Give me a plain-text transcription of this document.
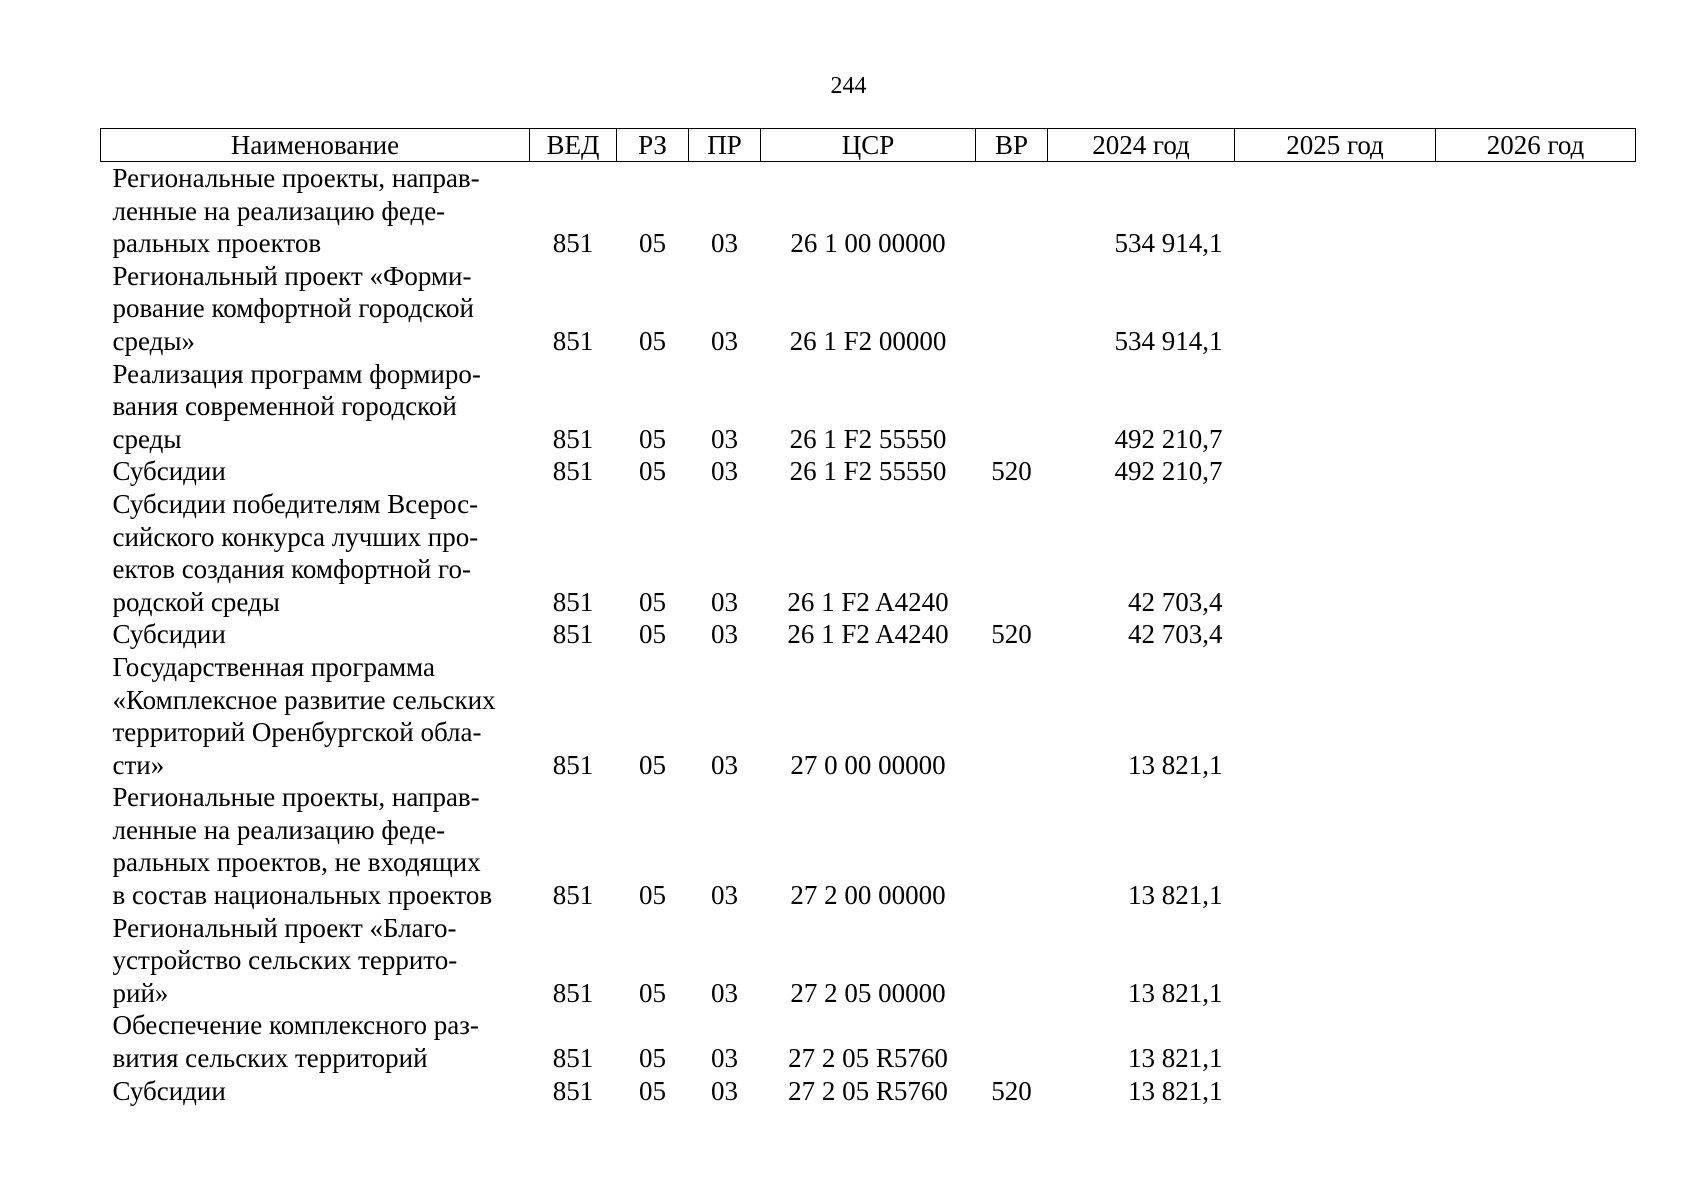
244
Наименование	ВЕД	РЗ	ПР	ЦСР	ВР	2024 год	2025 год	2026 год
Региональные проекты, направ-
ленные на реализацию феде-
ральных проектов	851	05	03	26 1 00 00000		534 914,1		
Региональный проект «Форми-
рование комфортной городской
среды»	851	05	03	26 1 F2 00000		534 914,1		
Реализация программ формиро-
вания современной городской
среды	851	05	03	26 1 F2 55550		492 210,7		
Субсидии	851	05	03	26 1 F2 55550	520	492 210,7		
Субсидии победителям Всерос-
сийского конкурса лучших про-
ектов создания комфортной го-
родской среды	851	05	03	26 1 F2 A4240		42 703,4		
Субсидии	851	05	03	26 1 F2 A4240	520	42 703,4		
Государственная программа
«Комплексное развитие сельских
территорий Оренбургской обла-
сти»	851	05	03	27 0 00 00000		13 821,1		
Региональные проекты, направ-
ленные на реализацию феде-
ральных проектов, не входящих
в состав национальных проектов	851	05	03	27 2 00 00000		13 821,1		
Региональный проект «Благо-
устройство сельских террито-
рий»	851	05	03	27 2 05 00000		13 821,1		
Обеспечение комплексного раз-
вития сельских территорий	851	05	03	27 2 05 R5760		13 821,1		
Субсидии	851	05	03	27 2 05 R5760	520	13 821,1		
